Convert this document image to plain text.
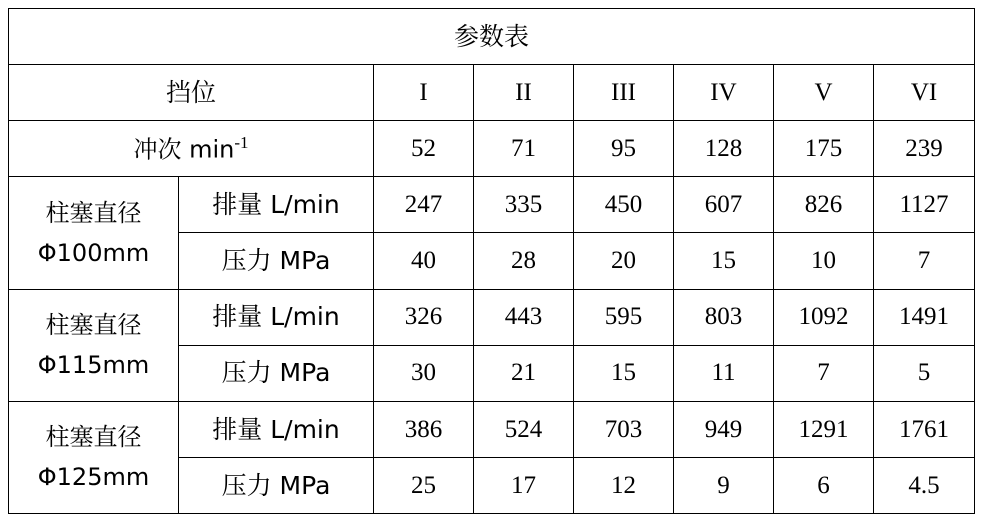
参数表							
挡位		I	II	III	IV	V	VI
冲次 $\min^{-1}$		52	71	95	128	175	239

柱塞直径
Φ100mm	排量 L/min	247	335	450	607	826	1127
	压力 MPa	40	28	20	15	10	7

柱塞直径
Φ115mm	排量 L/min	326	443	595	803	1092	1491
	压力 MPa	30	21	15	11	7	5

柱塞直径
Φ125mm	排量 L/min	386	524	703	949	1291	1761
	压力 MPa	25	17	12	9	6	4.5
